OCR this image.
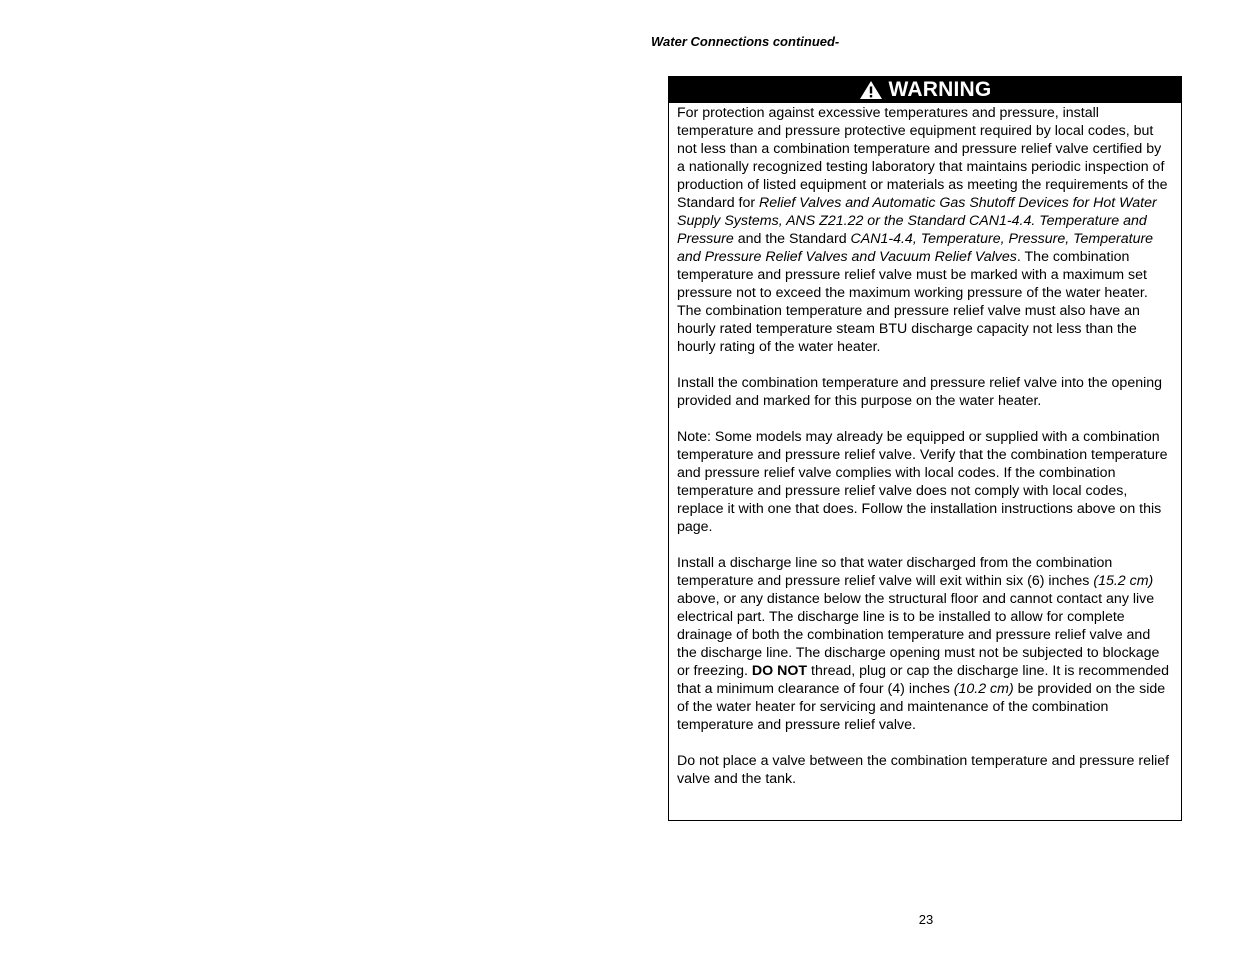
Water Connections continued-
WARNING

For protection against excessive temperatures and pressure, install temperature and pressure protective equipment required by local codes, but not less than a combination temperature and pressure relief valve certified by a nationally recognized testing laboratory that maintains periodic inspection of production of listed equipment or materials as meeting the requirements of the Standard for Relief Valves and Automatic Gas Shutoff Devices for Hot Water Supply Systems, ANS Z21.22 or the Standard CAN1-4.4. Temperature and Pressure and the Standard CAN1-4.4, Temperature, Pressure, Temperature and Pressure Relief Valves and Vacuum Relief Valves. The combination temperature and pressure relief valve must be marked with a maximum set pressure not to exceed the maximum working pressure of the water heater. The combination temperature and pressure relief valve must also have an hourly rated temperature steam BTU discharge capacity not less than the hourly rating of the water heater.

Install the combination temperature and pressure relief valve into the opening provided and marked for this purpose on the water heater.

Note: Some models may already be equipped or supplied with a combination temperature and pressure relief valve. Verify that the combination temperature and pressure relief valve complies with local codes. If the combination temperature and pressure relief valve does not comply with local codes, replace it with one that does. Follow the installation instructions above on this page.

Install a discharge line so that water discharged from the combination temperature and pressure relief valve will exit within six (6) inches (15.2 cm) above, or any distance below the structural floor and cannot contact any live electrical part. The discharge line is to be installed to allow for complete drainage of both the combination temperature and pressure relief valve and the discharge line. The discharge opening must not be subjected to blockage or freezing. DO NOT thread, plug or cap the discharge line. It is recommended that a minimum clearance of four (4) inches (10.2 cm) be provided on the side of the water heater for servicing and maintenance of the combination temperature and pressure relief valve.

Do not place a valve between the combination temperature and pressure relief valve and the tank.

23
